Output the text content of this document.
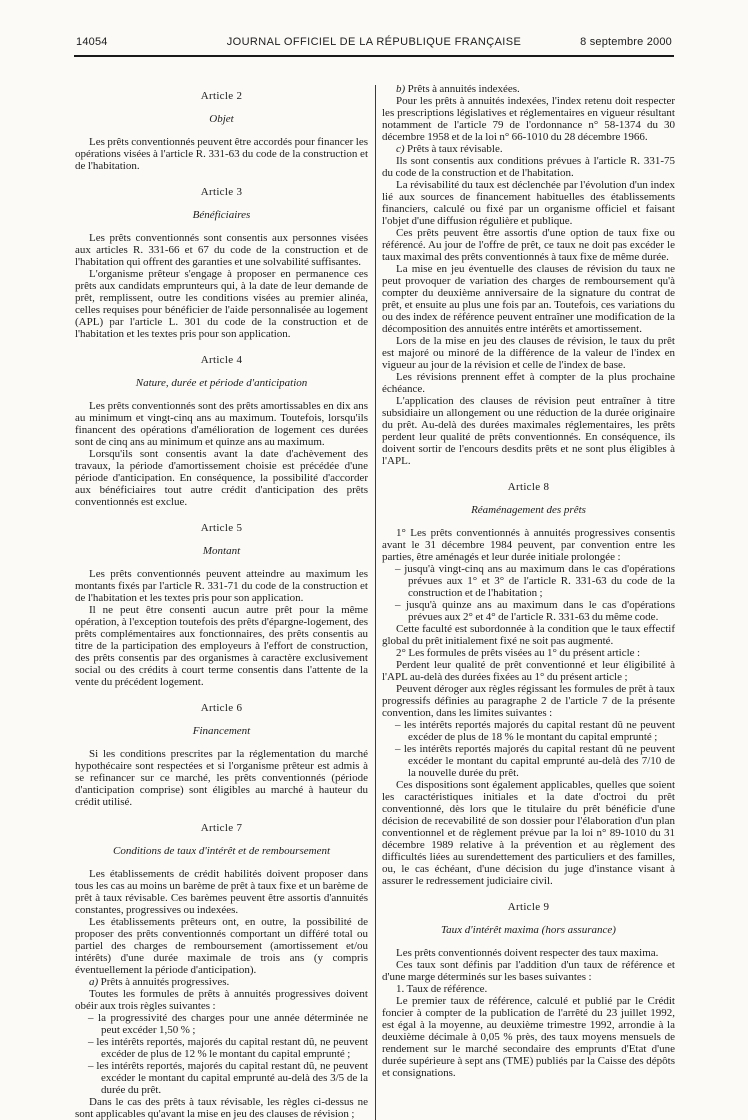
14054	JOURNAL OFFICIEL DE LA RÉPUBLIQUE FRANÇAISE	8 septembre 2000
Article 2
Objet

Les prêts conventionnés peuvent être accordés pour financer les opérations visées à l'article R. 331-63 du code de la construction et de l'habitation.

Article 3
Bénéficiaires

Les prêts conventionnés sont consentis aux personnes visées aux articles R. 331-66 et 67 du code de la construction et de l'habitation qui offrent des garanties et une solvabilité suffisantes.

L'organisme prêteur s'engage à proposer en permanence ces prêts aux candidats emprunteurs qui, à la date de leur demande de prêt, remplissent, outre les conditions visées au premier alinéa, celles requises pour bénéficier de l'aide personnalisée au logement (APL) par l'article L. 301 du code de la construction et de l'habitation et les textes pris pour son application.

Article 4
Nature, durée et période d'anticipation

Les prêts conventionnés sont des prêts amortissables en dix ans au minimum et vingt-cinq ans au maximum. Toutefois, lorsqu'ils financent des opérations d'amélioration de logement ces durées sont de cinq ans au minimum et quinze ans au maximum.

Lorsqu'ils sont consentis avant la date d'achèvement des travaux, la période d'amortissement choisie est précédée d'une période d'anticipation. En conséquence, la possibilité d'accorder aux bénéficiaires tout autre crédit d'anticipation des prêts conventionnés est exclue.

Article 5
Montant

Les prêts conventionnés peuvent atteindre au maximum les montants fixés par l'article R. 331-71 du code de la construction et de l'habitation et les textes pris pour son application.

Il ne peut être consenti aucun autre prêt pour la même opération, à l'exception toutefois des prêts d'épargne-logement, des prêts complémentaires aux fonctionnaires, des prêts consentis au titre de la participation des employeurs à l'effort de construction, des prêts consentis par des organismes à caractère exclusivement social ou des crédits à court terme consentis dans l'attente de la vente du précédent logement.

Article 6
Financement

Si les conditions prescrites par la réglementation du marché hypothécaire sont respectées et si l'organisme prêteur est admis à se refinancer sur ce marché, les prêts conventionnés (période d'anticipation comprise) sont éligibles au marché à hauteur du crédit utilisé.

Article 7
Conditions de taux d'intérêt et de remboursement

Les établissements de crédit habilités doivent proposer dans tous les cas au moins un barème de prêt à taux fixe et un barème de prêt à taux révisable. Ces barèmes peuvent être assortis d'annuités constantes, progressives ou indexées.

Les établissements prêteurs ont, en outre, la possibilité de proposer des prêts conventionnés comportant un différé total ou partiel des charges de remboursement (amortissement et/ou intérêts) d'une durée maximale de trois ans (y compris éventuellement la période d'anticipation).

a) Prêts à annuités progressives.

Toutes les formules de prêts à annuités progressives doivent obéir aux trois règles suivantes :

– la progressivité des charges pour une année déterminée ne peut excéder 1,50 % ;

– les intérêts reportés, majorés du capital restant dû, ne peuvent excéder de plus de 12 % le montant du capital emprunté ;

– les intérêts reportés, majorés du capital restant dû, ne peuvent excéder le montant du capital emprunté au-delà des 3/5 de la durée du prêt.

Dans le cas des prêts à taux révisable, les règles ci-dessus ne sont applicables qu'avant la mise en jeu des clauses de révision ;

b) Prêts à annuités indexées.

Pour les prêts à annuités indexées, l'index retenu doit respecter les prescriptions législatives et réglementaires en vigueur résultant notamment de l'article 79 de l'ordonnance n° 58-1374 du 30 décembre 1958 et de la loi n° 66-1010 du 28 décembre 1966.

c) Prêts à taux révisable.

Ils sont consentis aux conditions prévues à l'article R. 331-75 du code de la construction et de l'habitation.

La révisabilité du taux est déclenchée par l'évolution d'un index lié aux sources de financement habituelles des établissements financiers, calculé ou fixé par un organisme officiel et faisant l'objet d'une diffusion régulière et publique.

Ces prêts peuvent être assortis d'une option de taux fixe ou référencé. Au jour de l'offre de prêt, ce taux ne doit pas excéder le taux maximal des prêts conventionnés à taux fixe de même durée.

La mise en jeu éventuelle des clauses de révision du taux ne peut provoquer de variation des charges de remboursement qu'à compter du deuxième anniversaire de la signature du contrat de prêt, et ensuite au plus une fois par an. Toutefois, ces variations du ou des index de référence peuvent entraîner une modification de la décomposition des annuités entre intérêts et amortissement.

Lors de la mise en jeu des clauses de révision, le taux du prêt est majoré ou minoré de la différence de la valeur de l'index en vigueur au jour de la révision et celle de l'index de base.

Les révisions prennent effet à compter de la plus prochaine échéance.

L'application des clauses de révision peut entraîner à titre subsidiaire un allongement ou une réduction de la durée originaire du prêt. Au-delà des durées maximales réglementaires, les prêts perdent leur qualité de prêts conventionnés. En conséquence, ils doivent sortir de l'encours desdits prêts et ne sont plus éligibles à l'APL.

Article 8
Réaménagement des prêts

1° Les prêts conventionnés à annuités progressives consentis avant le 31 décembre 1984 peuvent, par convention entre les parties, être aménagés et leur durée initiale prolongée :

– jusqu'à vingt-cinq ans au maximum dans le cas d'opérations prévues aux 1° et 3° de l'article R. 331-63 du code de la construction et de l'habitation ;

– jusqu'à quinze ans au maximum dans le cas d'opérations prévues aux 2° et 4° de l'article R. 331-63 du même code.

Cette faculté est subordonnée à la condition que le taux effectif global du prêt initialement fixé ne soit pas augmenté.

2° Les formules de prêts visées au 1° du présent article :

Perdent leur qualité de prêt conventionné et leur éligibilité à l'APL au-delà des durées fixées au 1° du présent article ;

Peuvent déroger aux règles régissant les formules de prêt à taux progressifs définies au paragraphe 2 de l'article 7 de la présente convention, dans les limites suivantes :

– les intérêts reportés majorés du capital restant dû ne peuvent excéder de plus de 18 % le montant du capital emprunté ;

– les intérêts reportés majorés du capital restant dû ne peuvent excéder le montant du capital emprunté au-delà des 7/10 de la nouvelle durée du prêt.

Ces dispositions sont également applicables, quelles que soient les caractéristiques initiales et la date d'octroi du prêt conventionné, dès lors que le titulaire du prêt bénéficie d'une décision de recevabilité de son dossier pour l'élaboration d'un plan conventionnel et de règlement prévue par la loi n° 89-1010 du 31 décembre 1989 relative à la prévention et au règlement des difficultés liées au surendettement des particuliers et des familles, ou, le cas échéant, d'une décision du juge d'instance visant à assurer le redressement judiciaire civil.

Article 9
Taux d'intérêt maxima (hors assurance)

Les prêts conventionnés doivent respecter des taux maxima.

Ces taux sont définis par l'addition d'un taux de référence et d'une marge déterminés sur les bases suivantes :

1. Taux de référence.

Le premier taux de référence, calculé et publié par le Crédit foncier à compter de la publication de l'arrêté du 23 juillet 1992, est égal à la moyenne, au deuxième trimestre 1992, arrondie à la deuxième décimale à 0,05 % près, des taux moyens mensuels de rendement sur le marché secondaire des emprunts d'Etat d'une durée supérieure à sept ans (TME) publiés par la Caisse des dépôts et consignations.
